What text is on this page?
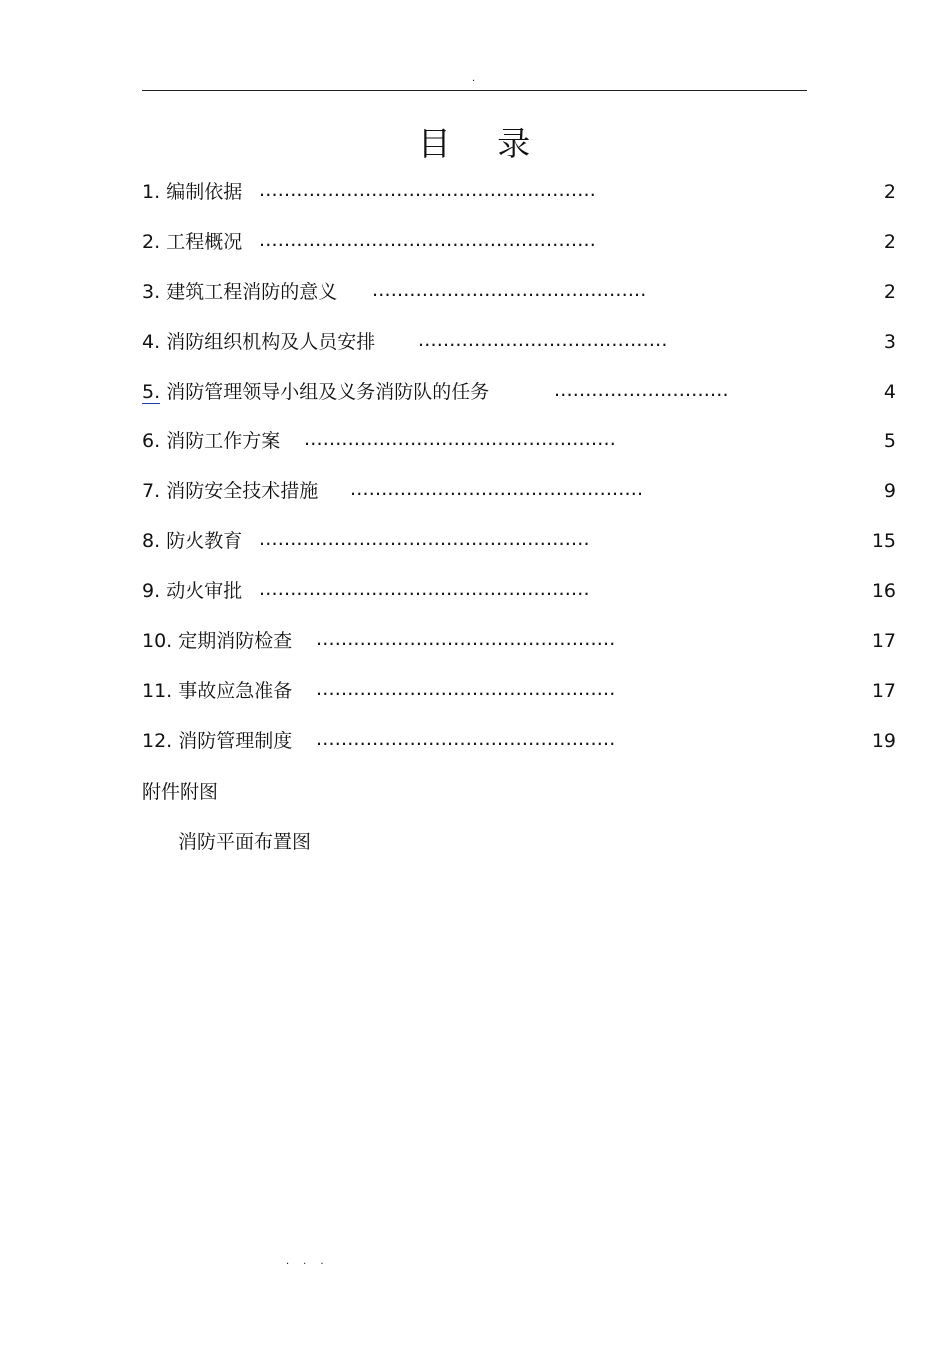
.
目 录
1. 编制依据 ......................................................	2
2. 工程概况 ......................................................	2
3. 建筑工程消防的意义 ............................................	2
4. 消防组织机构及人员安排 ........................................	3
5. 消防管理领导小组及义务消防队的任务	............................	4
6. 消防工作方案 ..................................................	5
7. 消防安全技术措施 ...............................................	9
8. 防火教育 .....................................................	15
9. 动火审批 .....................................................	16
10. 定期消防检查 ................................................	17
11. 事故应急准备 ................................................	17
12. 消防管理制度 ................................................	19
附件附图
消防平面布置图
...
